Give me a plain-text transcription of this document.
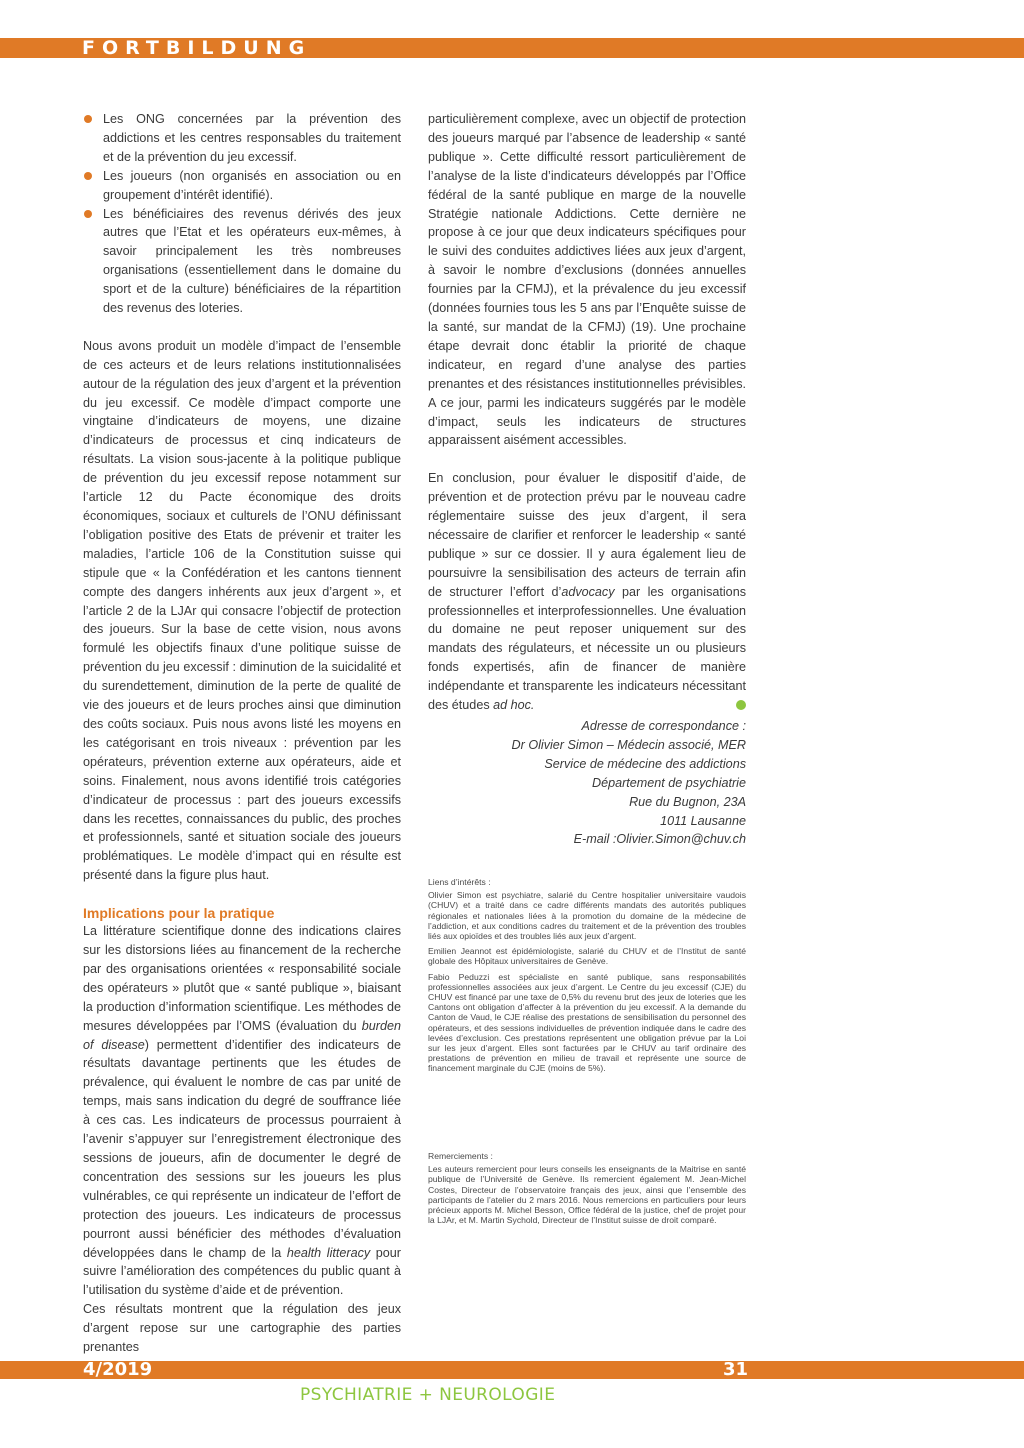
FORTBILDUNG
Les ONG concernées par la prévention des addictions et les centres responsables du traitement et de la prévention du jeu excessif.
Les joueurs (non organisés en association ou en groupement d’intérêt identifié).
Les bénéficiaires des revenus dérivés des jeux autres que l’Etat et les opérateurs eux-mêmes, à savoir principalement les très nombreuses organisations (essentiellement dans le domaine du sport et de la culture) bénéficiaires de la répartition des revenus des loteries.

Nous avons produit un modèle d’impact de l’ensemble de ces acteurs et de leurs relations institutionnalisées autour de la régulation des jeux d’argent et la prévention du jeu excessif. Ce modèle d’impact comporte une vingtaine d’indicateurs de moyens, une dizaine d’indicateurs de processus et cinq indicateurs de résultats. La vision sous-jacente à la politique publique de prévention du jeu excessif repose notamment sur l’article 12 du Pacte économique des droits économiques, sociaux et culturels de l’ONU définissant l’obligation positive des Etats de prévenir et traiter les maladies, l’article 106 de la Constitution suisse qui stipule que « la Confédération et les cantons tiennent compte des dangers inhérents aux jeux d’argent », et l’article 2 de la LJAr qui consacre l’objectif de protection des joueurs. Sur la base de cette vision, nous avons formulé les objectifs finaux d’une politique suisse de prévention du jeu excessif : diminution de la suicidalité et du surendettement, diminution de la perte de qualité de vie des joueurs et de leurs proches ainsi que diminution des coûts sociaux. Puis nous avons listé les moyens en les catégorisant en trois niveaux : prévention par les opérateurs, prévention externe aux opérateurs, aide et soins. Finalement, nous avons identifié trois catégories d’indicateur de processus : part des joueurs excessifs dans les recettes, connaissances du public, des proches et professionnels, santé et situation sociale des joueurs problématiques. Le modèle d’impact qui en résulte est présenté dans la figure plus haut.

Implications pour la pratique

La littérature scientifique donne des indications claires sur les distorsions liées au financement de la recherche par des organisations orientées « responsabilité sociale des opérateurs » plutôt que « santé publique », biaisant la production d’information scientifique. Les méthodes de mesures développées par l’OMS (évaluation du burden of disease) permettent d’identifier des indicateurs de résultats davantage pertinents que les études de prévalence, qui évaluent le nombre de cas par unité de temps, mais sans indication du degré de souffrance liée à ces cas. Les indicateurs de processus pourraient à l’avenir s’appuyer sur l’enregistrement électronique des sessions de joueurs, afin de documenter le degré de concentration des sessions sur les joueurs les plus vulnérables, ce qui représente un indicateur de l’effort de protection des joueurs. Les indicateurs de processus pourront aussi bénéficier des méthodes d’évaluation développées dans le champ de la health litteracy pour suivre l’amélioration des compétences du public quant à l’utilisation du système d’aide et de prévention.

Ces résultats montrent que la régulation des jeux d’argent repose sur une cartographie des parties prenantes

particulièrement complexe, avec un objectif de protection des joueurs marqué par l’absence de leadership « santé publique ». Cette difficulté ressort particulièrement de l’analyse de la liste d’indicateurs développés par l’Office fédéral de la santé publique en marge de la nouvelle Stratégie nationale Addictions. Cette dernière ne propose à ce jour que deux indicateurs spécifiques pour le suivi des conduites addictives liées aux jeux d’argent, à savoir le nombre d’exclusions (données annuelles fournies par la CFMJ), et la prévalence du jeu excessif (données fournies tous les 5 ans par l’Enquête suisse de la santé, sur mandat de la CFMJ) (19). Une prochaine étape devrait donc établir la priorité de chaque indicateur, en regard d’une analyse des parties prenantes et des résistances institutionnelles prévisibles. A ce jour, parmi les indicateurs suggérés par le modèle d’impact, seuls les indicateurs de structures apparaissent aisément accessibles.

En conclusion, pour évaluer le dispositif d’aide, de prévention et de protection prévu par le nouveau cadre réglementaire suisse des jeux d’argent, il sera nécessaire de clarifier et renforcer le leadership « santé publique » sur ce dossier. Il y aura également lieu de poursuivre la sensibilisation des acteurs de terrain afin de structurer l’effort d’advocacy par les organisations professionnelles et interprofessionnelles. Une évaluation du domaine ne peut reposer uniquement sur des mandats des régulateurs, et nécessite un ou plusieurs fonds expertisés, afin de financer de manière indépendante et transparente les indicateurs nécessitant des études ad hoc.

Adresse de correspondance :
Dr Olivier Simon – Médecin associé, MER
Service de médecine des addictions
Département de psychiatrie
Rue du Bugnon, 23A
1011 Lausanne
E-mail :Olivier.Simon@chuv.ch

Liens d’intérêts :

Olivier Simon est psychiatre, salarié du Centre hospitalier universitaire vaudois (CHUV) et a traité dans ce cadre différents mandats des autorités publiques régionales et nationales liées à la promotion du domaine de la médecine de l’addiction, et aux conditions cadres du traitement et de la prévention des troubles liés aux opioïdes et des troubles liés aux jeux d’argent.

Emilien Jeannot est épidémiologiste, salarié du CHUV et de l’Institut de santé globale des Hôpitaux universitaires de Genève.

Fabio Peduzzi est spécialiste en santé publique, sans responsabilités professionnelles associées aux jeux d’argent. Le Centre du jeu excessif (CJE) du CHUV est financé par une taxe de 0,5% du revenu brut des jeux de loteries que les Cantons ont obligation d’affecter à la prévention du jeu excessif. A la demande du Canton de Vaud, le CJE réalise des prestations de sensibilisation du personnel des opérateurs, et des sessions individuelles de prévention indiquée dans le cadre des levées d’exclusion. Ces prestations représentent une obligation prévue par la Loi sur les jeux d’argent. Elles sont facturées par le CHUV au tarif ordinaire des prestations de prévention en milieu de travail et représente une source de financement marginale du CJE (moins de 5%).

Remerciements :

Les auteurs remercient pour leurs conseils les enseignants de la Maitrise en santé publique de l’Université de Genève. Ils remercient également M. Jean-Michel Costes, Directeur de l’observatoire français des jeux, ainsi que l’ensemble des participants de l’atelier du 2 mars 2016. Nous remercions en particuliers pour leurs précieux apports M. Michel Besson, Office fédéral de la justice, chef de projet pour la LJAr, et M. Martin Sychold, Directeur de l’Institut suisse de droit comparé.

4/2019	31
PSYCHIATRIE + NEUROLOGIE
